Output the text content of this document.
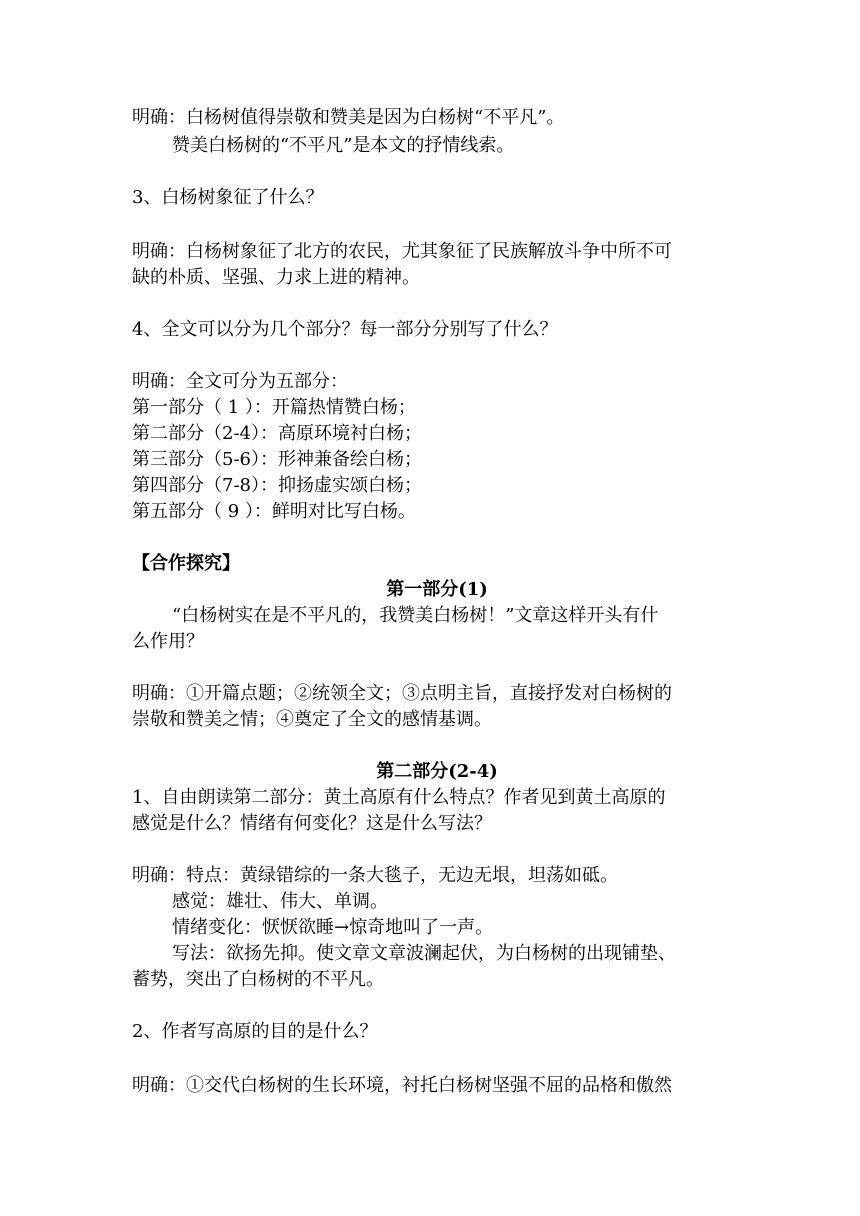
明确：白杨树值得崇敬和赞美是因为白杨树“不平凡”。
赞美白杨树的“不平凡”是本文的抒情线索。
3、白杨树象征了什么？
明确：白杨树象征了北方的农民，尤其象征了民族解放斗争中所不可
缺的朴质、坚强、力求上进的精神。
4、全文可以分为几个部分？每一部分分别写了什么？
明确：全文可分为五部分：
第一部分（ 1 ）：开篇热情赞白杨；
第二部分（2-4）：高原环境衬白杨；
第三部分（5-6）：形神兼备绘白杨；
第四部分（7-8）：抑扬虚实颂白杨；
第五部分（ 9 ）：鲜明对比写白杨。
【合作探究】
第一部分(1)
“白杨树实在是不平凡的，我赞美白杨树！”文章这样开头有什
么作用？
明确：①开篇点题；②统领全文；③点明主旨，直接抒发对白杨树的
崇敬和赞美之情；④奠定了全文的感情基调。
第二部分(2-4)
1、自由朗读第二部分：黄土高原有什么特点？作者见到黄土高原的
感觉是什么？情绪有何变化？这是什么写法？
明确：特点：黄绿错综的一条大毯子，无边无垠，坦荡如砥。
感觉：雄壮、伟大、单调。
情绪变化：恹恹欲睡→惊奇地叫了一声。
写法：欲扬先抑。使文章文章波澜起伏，为白杨树的出现铺垫、
蓄势，突出了白杨树的不平凡。
2、作者写高原的目的是什么？
明确：①交代白杨树的生长环境，衬托白杨树坚强不屈的品格和傲然
